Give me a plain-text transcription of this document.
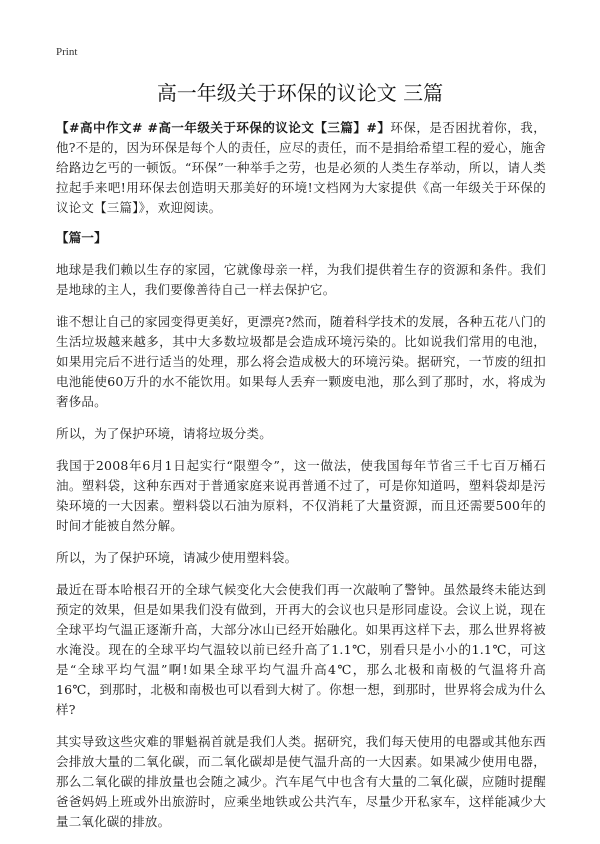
Print
高一年级关于环保的议论文 三篇

【#高中作文# #高一年级关于环保的议论文【三篇】#】环保，是否困扰着你，我，他?不是的，因为环保是每个人的责任，应尽的责任，而不是捐给希望工程的爱心，施舍给路边乞丐的一顿饭。“环保”一种举手之劳，也是必须的人类生存举动，所以，请人类拉起手来吧!用环保去创造明天那美好的环境!文档网为大家提供《高一年级关于环保的议论文【三篇】》，欢迎阅读。

【篇一】

地球是我们赖以生存的家园，它就像母亲一样，为我们提供着生存的资源和条件。我们是地球的主人，我们要像善待自己一样去保护它。

谁不想让自己的家园变得更美好，更漂亮?然而，随着科学技术的发展，各种五花八门的生活垃圾越来越多，其中大多数垃圾都是会造成环境污染的。比如说我们常用的电池，如果用完后不进行适当的处理，那么将会造成极大的环境污染。据研究，一节废的纽扣电池能使60万升的水不能饮用。如果每人丢弃一颗废电池，那么到了那时，水，将成为奢侈品。

所以，为了保护环境，请将垃圾分类。

我国于2008年6月1日起实行“限塑令”，这一做法，使我国每年节省三千七百万桶石油。塑料袋，这种东西对于普通家庭来说再普通不过了，可是你知道吗，塑料袋却是污染环境的一大因素。塑料袋以石油为原料，不仅消耗了大量资源，而且还需要500年的时间才能被自然分解。

所以，为了保护环境，请减少使用塑料袋。

最近在哥本哈根召开的全球气候变化大会使我们再一次敲响了警钟。虽然最终未能达到预定的效果，但是如果我们没有做到，开再大的会议也只是形同虚设。会议上说，现在全球平均气温正逐渐升高，大部分冰山已经开始融化。如果再这样下去，那么世界将被水淹没。现在的全球平均气温较以前已经升高了1.1℃，别看只是小小的1.1℃，可这是“全球平均气温”啊!如果全球平均气温升高4℃，那么北极和南极的气温将升高16℃，到那时，北极和南极也可以看到大树了。你想一想，到那时，世界将会成为什么样?

其实导致这些灾难的罪魁祸首就是我们人类。据研究，我们每天使用的电器或其他东西会排放大量的二氧化碳，而二氧化碳却是使气温升高的一大因素。如果减少使用电器，那么二氧化碳的排放量也会随之减少。汽车尾气中也含有大量的二氧化碳，应随时提醒爸爸妈妈上班或外出旅游时，应乘坐地铁或公共汽车，尽量少开私家车，这样能减少大量二氧化碳的排放。
